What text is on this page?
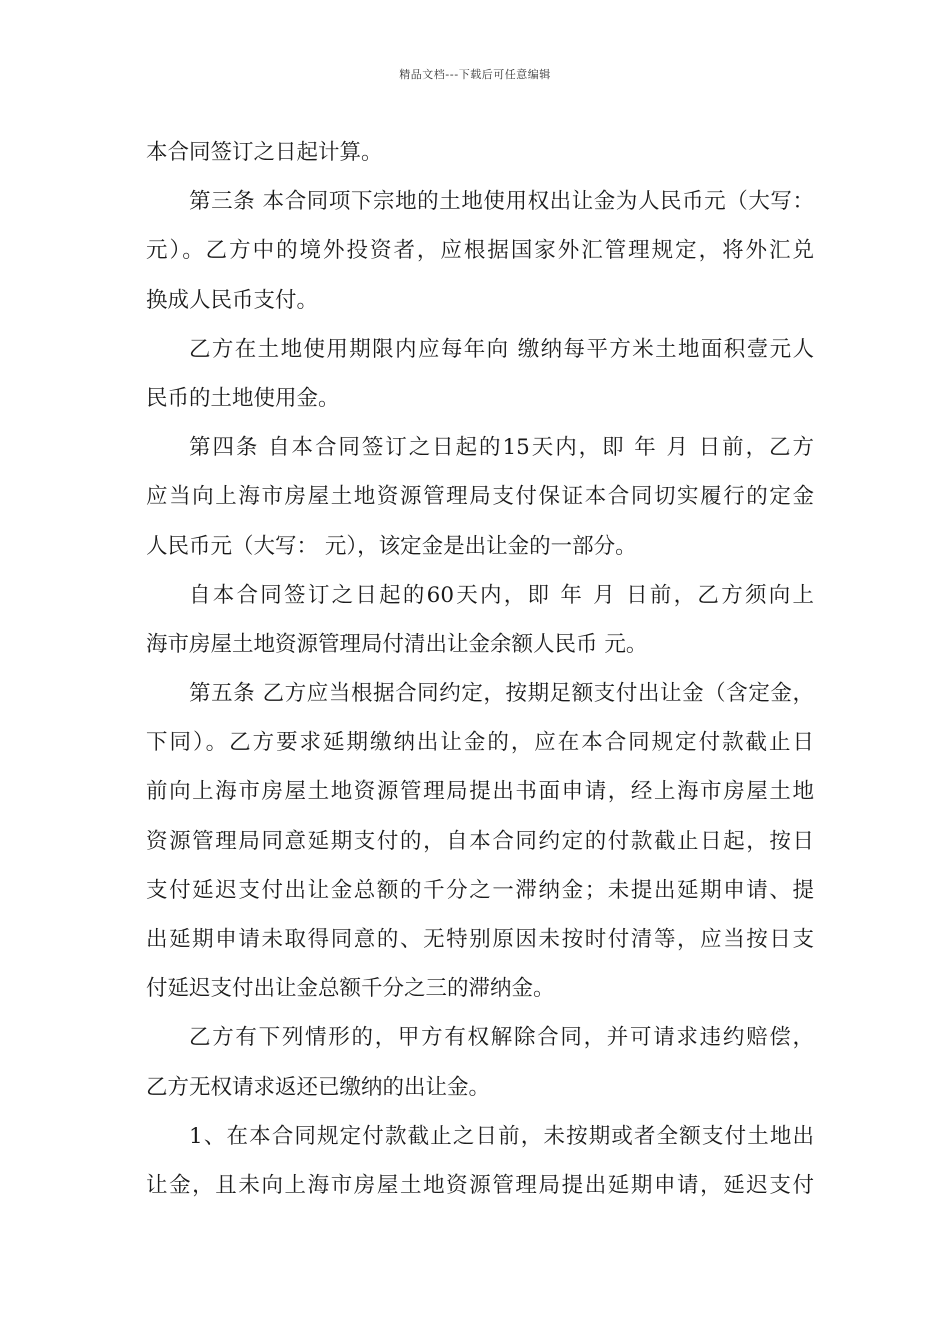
精品文档---下载后可任意编辑
本合同签订之日起计算。
第三条 本合同项下宗地的土地使用权出让金为人民币元（大写：
元）。乙方中的境外投资者，应根据国家外汇管理规定，将外汇兑
换成人民币支付。
乙方在土地使用期限内应每年向 缴纳每平方米土地面积壹元人
民币的土地使用金。
第四条 自本合同签订之日起的15天内，即 年 月 日前，乙方
应当向上海市房屋土地资源管理局支付保证本合同切实履行的定金
人民币元（大写： 元），该定金是出让金的一部分。
自本合同签订之日起的60天内，即 年 月 日前，乙方须向上
海市房屋土地资源管理局付清出让金余额人民币 元。
第五条 乙方应当根据合同约定，按期足额支付出让金（含定金，
下同）。乙方要求延期缴纳出让金的，应在本合同规定付款截止日
前向上海市房屋土地资源管理局提出书面申请，经上海市房屋土地
资源管理局同意延期支付的，自本合同约定的付款截止日起，按日
支付延迟支付出让金总额的千分之一滞纳金；未提出延期申请、提
出延期申请未取得同意的、无特别原因未按时付清等，应当按日支
付延迟支付出让金总额千分之三的滞纳金。
乙方有下列情形的，甲方有权解除合同，并可请求违约赔偿，
乙方无权请求返还已缴纳的出让金。
1、在本合同规定付款截止之日前，未按期或者全额支付土地出
让金，且未向上海市房屋土地资源管理局提出延期申请，延迟支付
